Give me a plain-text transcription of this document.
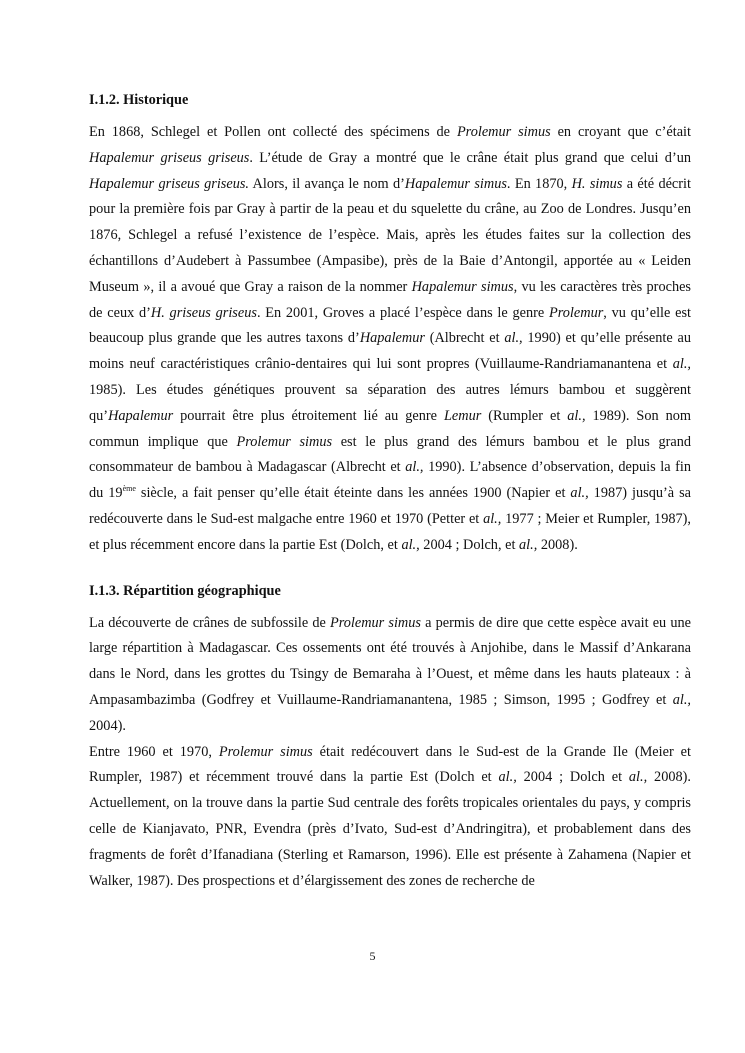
I.1.2. Historique

En 1868, Schlegel et Pollen ont collecté des spécimens de Prolemur simus en croyant que c’était Hapalemur griseus griseus. L’étude de Gray a montré que le crâne était plus grand que celui d’un Hapalemur griseus griseus. Alors, il avança le nom d’Hapalemur simus. En 1870, H. simus a été décrit pour la première fois par Gray à partir de la peau et du squelette du crâne, au Zoo de Londres. Jusqu’en 1876, Schlegel a refusé l’existence de l’espèce. Mais, après les études faites sur la collection des échantillons d’Audebert à Passumbee (Ampasibe), près de la Baie d’Antongil, apportée au « Leiden Museum », il a avoué que Gray a raison de la nommer Hapalemur simus, vu les caractères très proches de ceux d’H. griseus griseus. En 2001, Groves a placé l’espèce dans le genre Prolemur, vu qu’elle est beaucoup plus grande que les autres taxons d’Hapalemur (Albrecht et al., 1990) et qu’elle présente au moins neuf caractéristiques crânio-dentaires qui lui sont propres (Vuillaume-Randriamanantena et al., 1985). Les études génétiques prouvent sa séparation des autres lémurs bambou et suggèrent qu’Hapalemur pourrait être plus étroitement lié au genre Lemur (Rumpler et al., 1989). Son nom commun implique que Prolemur simus est le plus grand des lémurs bambou et le plus grand consommateur de bambou à Madagascar (Albrecht et al., 1990). L’absence d’observation, depuis la fin du 19ème siècle, a fait penser qu’elle était éteinte dans les années 1900 (Napier et al., 1987) jusqu’à sa redécouverte dans le Sud-est malgache entre 1960 et 1970 (Petter et al., 1977 ; Meier et Rumpler, 1987), et plus récemment encore dans la partie Est (Dolch, et al., 2004 ; Dolch, et al., 2008).

I.1.3. Répartition géographique

La découverte de crânes de subfossile de Prolemur simus a permis de dire que cette espèce avait eu une large répartition à Madagascar. Ces ossements ont été trouvés à Anjohibe, dans le Massif d’Ankarana dans le Nord, dans les grottes du Tsingy de Bemaraha à l’Ouest, et même dans les hauts plateaux : à Ampasambazimba (Godfrey et Vuillaume-Randriamanantena, 1985 ; Simson, 1995 ; Godfrey et al., 2004).

Entre 1960 et 1970, Prolemur simus était redécouvert dans le Sud-est de la Grande Ile (Meier et Rumpler, 1987) et récemment trouvé dans la partie Est (Dolch et al., 2004 ; Dolch et al., 2008). Actuellement, on la trouve dans la partie Sud centrale des forêts tropicales orientales du pays, y compris celle de Kianjavato, PNR, Evendra (près d’Ivato, Sud-est d’Andringitra), et probablement dans des fragments de forêt d’Ifanadiana (Sterling et Ramarson, 1996). Elle est présente à Zahamena (Napier et Walker, 1987). Des prospections et d’élargissement des zones de recherche de

5
